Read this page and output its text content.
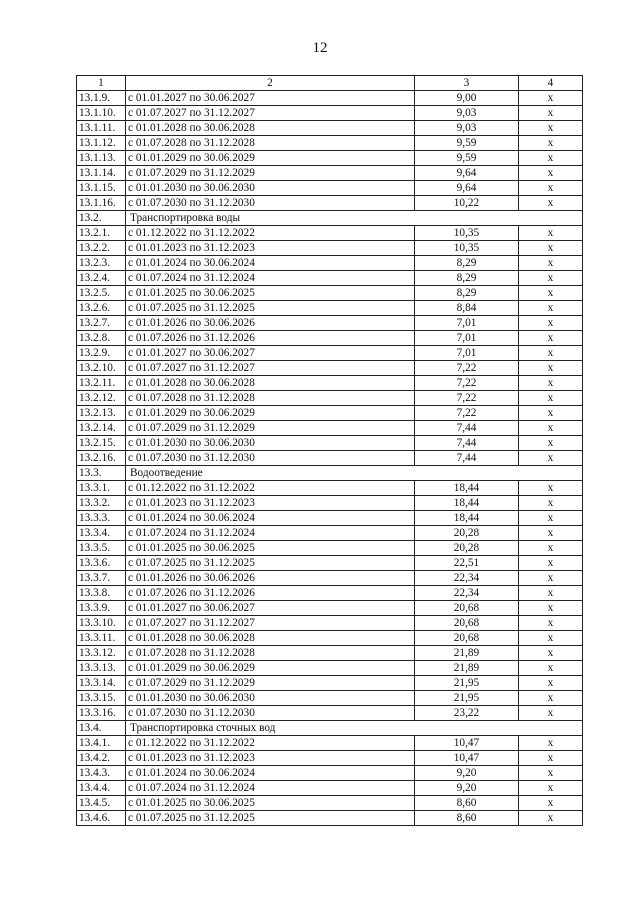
12
1	2	3	4
13.1.9.	с 01.01.2027 по 30.06.2027	9,00	х
13.1.10.	с 01.07.2027 по 31.12.2027	9,03	х
13.1.11.	с 01.01.2028 по 30.06.2028	9,03	х
13.1.12.	с 01.07.2028 по 31.12.2028	9,59	х
13.1.13.	с 01.01.2029 по 30.06.2029	9,59	х
13.1.14.	с 01.07.2029 по 31.12.2029	9,64	х
13.1.15.	с 01.01.2030 по 30.06.2030	9,64	х
13.1.16.	с 01.07.2030 по 31.12.2030	10,22	х
13.2.	Транспортировка воды		
13.2.1.	с 01.12.2022 по 31.12.2022	10,35	х
13.2.2.	с 01.01.2023 по 31.12.2023	10,35	х
13.2.3.	с 01.01.2024 по 30.06.2024	8,29	х
13.2.4.	с 01.07.2024 по 31.12.2024	8,29	х
13.2.5.	с 01.01.2025 по 30.06.2025	8,29	х
13.2.6.	с 01.07.2025 по 31.12.2025	8,84	х
13.2.7.	с 01.01.2026 по 30.06.2026	7,01	х
13.2.8.	с 01.07.2026 по 31.12.2026	7,01	х
13.2.9.	с 01.01.2027 по 30.06.2027	7,01	х
13.2.10.	с 01.07.2027 по 31.12.2027	7,22	х
13.2.11.	с 01.01.2028 по 30.06.2028	7,22	х
13.2.12.	с 01.07.2028 по 31.12.2028	7,22	х
13.2.13.	с 01.01.2029 по 30.06.2029	7,22	х
13.2.14.	с 01.07.2029 по 31.12.2029	7,44	х
13.2.15.	с 01.01.2030 по 30.06.2030	7,44	х
13.2.16.	с 01.07.2030 по 31.12.2030	7,44	х
13.3.	Водоотведение		
13.3.1.	с 01.12.2022 по 31.12.2022	18,44	х
13.3.2.	с 01.01.2023 по 31.12.2023	18,44	х
13.3.3.	с 01.01.2024 по 30.06.2024	18,44	х
13.3.4.	с 01.07.2024 по 31.12.2024	20,28	х
13.3.5.	с 01.01.2025 по 30.06.2025	20,28	х
13.3.6.	с 01.07.2025 по 31.12.2025	22,51	х
13.3.7.	с 01.01.2026 по 30.06.2026	22,34	х
13.3.8.	с 01.07.2026 по 31.12.2026	22,34	х
13.3.9.	с 01.01.2027 по 30.06.2027	20,68	х
13.3.10.	с 01.07.2027 по 31.12.2027	20,68	х
13.3.11.	с 01.01.2028 по 30.06.2028	20,68	х
13.3.12.	с 01.07.2028 по 31.12.2028	21,89	х
13.3.13.	с 01.01.2029 по 30.06.2029	21,89	х
13.3.14.	с 01.07.2029 по 31.12.2029	21,95	х
13.3.15.	с 01.01.2030 по 30.06.2030	21,95	х
13.3.16.	с 01.07.2030 по 31.12.2030	23,22	х
13.4.	Транспортировка сточных вод		
13.4.1.	с 01.12.2022 по 31.12.2022	10,47	х
13.4.2.	с 01.01.2023 по 31.12.2023	10,47	х
13.4.3.	с 01.01.2024 по 30.06.2024	9,20	х
13.4.4.	с 01.07.2024 по 31.12.2024	9,20	х
13.4.5.	с 01.01.2025 по 30.06.2025	8,60	х
13.4.6.	с 01.07.2025 по 31.12.2025	8,60	х
